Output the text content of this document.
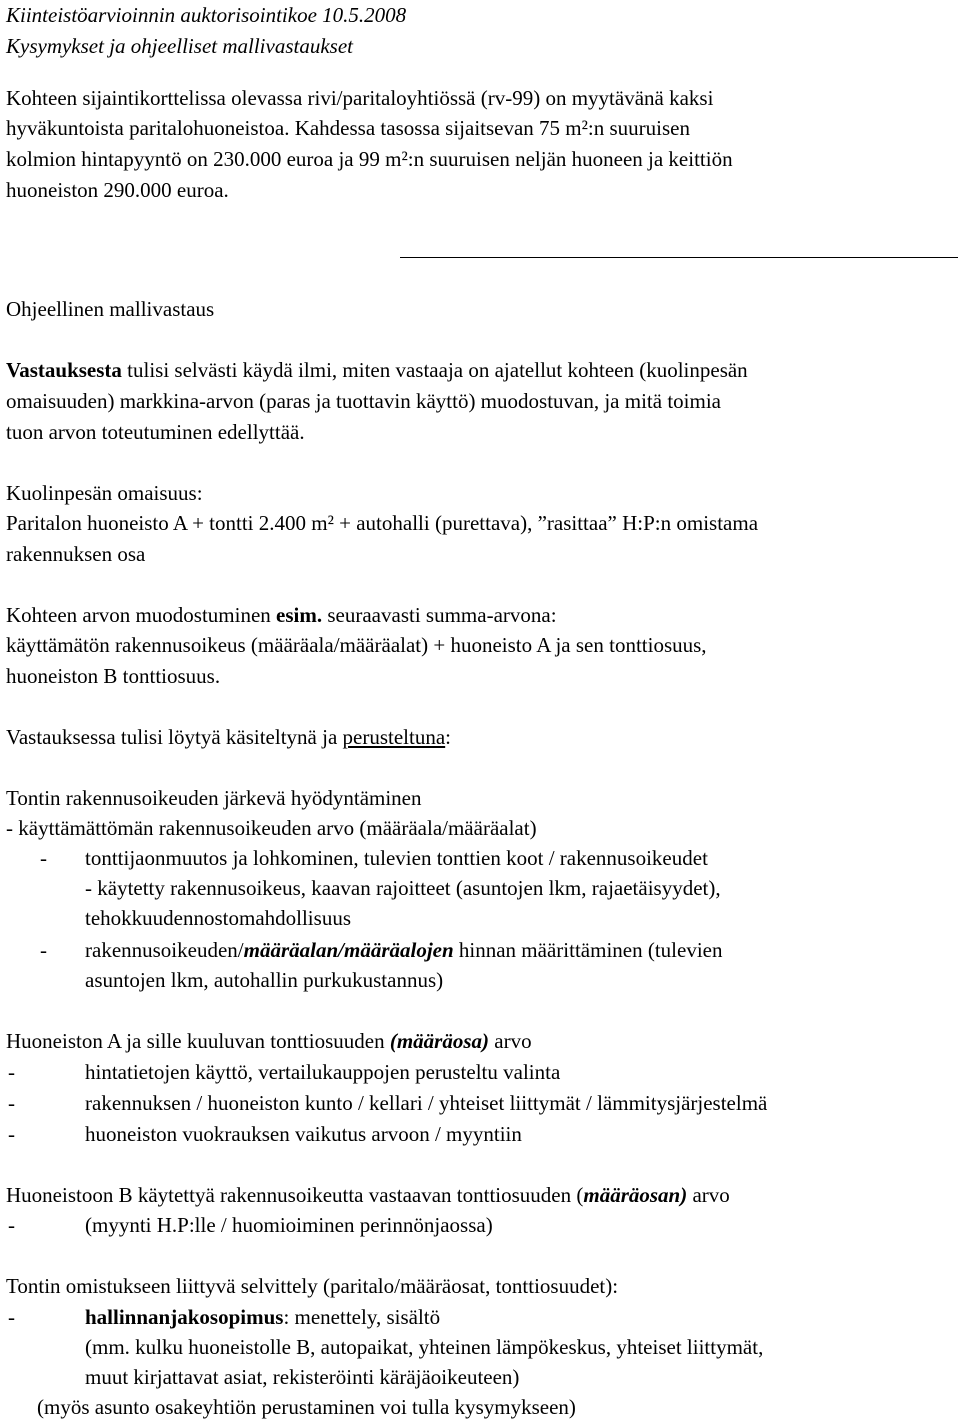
Kiinteistöarvioinnin auktorisointikoe 10.5.2008
Kysymykset ja ohjeelliset mallivastaukset
Kohteen sijaintikorttelissa olevassa rivi/paritaloyhtiössä (rv-99) on myytävänä kaksi
hyväkuntoista paritalohuoneistoa. Kahdessa tasossa sijaitsevan 75 m²:n suuruisen
kolmion hintapyyntö on 230.000 euroa ja 99 m²:n suuruisen neljän huoneen ja keittiön
huoneiston 290.000 euroa.
Ohjeellinen mallivastaus
Vastauksesta tulisi selvästi käydä ilmi, miten vastaaja on ajatellut kohteen (kuolinpesän
omaisuuden) markkina-arvon (paras ja tuottavin käyttö) muodostuvan, ja mitä toimia
tuon arvon toteutuminen edellyttää.
Kuolinpesän omaisuus:
Paritalon huoneisto A + tontti 2.400 m² + autohalli (purettava), ”rasittaa” H:P:n omistama
rakennuksen osa
Kohteen arvon muodostuminen esim. seuraavasti summa-arvona:
käyttämätön rakennusoikeus (määräala/määräalat) + huoneisto A ja sen tonttiosuus,
huoneiston B tonttiosuus.
Vastauksessa tulisi löytyä käsiteltynä ja perusteltuna:
Tontin rakennusoikeuden järkevä hyödyntäminen
- käyttämättömän rakennusoikeuden arvo (määräala/määräalat)
- tonttijaonmuutos ja lohkominen, tulevien tonttien koot / rakennusoikeudet
- käytetty rakennusoikeus, kaavan rajoitteet (asuntojen lkm, rajaetäisyydet),
tehokkuudennostomahdollisuus
- rakennusoikeuden/määräalan/määräalojen hinnan määrittäminen (tulevien
asuntojen lkm, autohallin purkukustannus)
Huoneiston A ja sille kuuluvan tonttiosuuden (määräosa) arvo
-	hintatietojen käyttö, vertailukauppojen perusteltu valinta
-	rakennuksen / huoneiston kunto / kellari / yhteiset liittymät / lämmitysjärjestelmä
-	huoneiston vuokrauksen vaikutus arvoon / myyntiin
Huoneistoon B käytettyä rakennusoikeutta vastaavan tonttiosuuden (määräosan) arvo
-	(myynti H.P:lle / huomioiminen perinnönjaossa)
Tontin omistukseen liittyvä selvittely (paritalo/määräosat, tonttiosuudet):
-	hallinnanjakosopimus: menettely, sisältö
(mm. kulku huoneistolle B, autopaikat, yhteinen lämpökeskus, yhteiset liittymät,
muut kirjattavat asiat, rekisteröinti käräjäoikeuteen)
(myös asunto osakeyhtiön perustaminen voi tulla kysymykseen)
